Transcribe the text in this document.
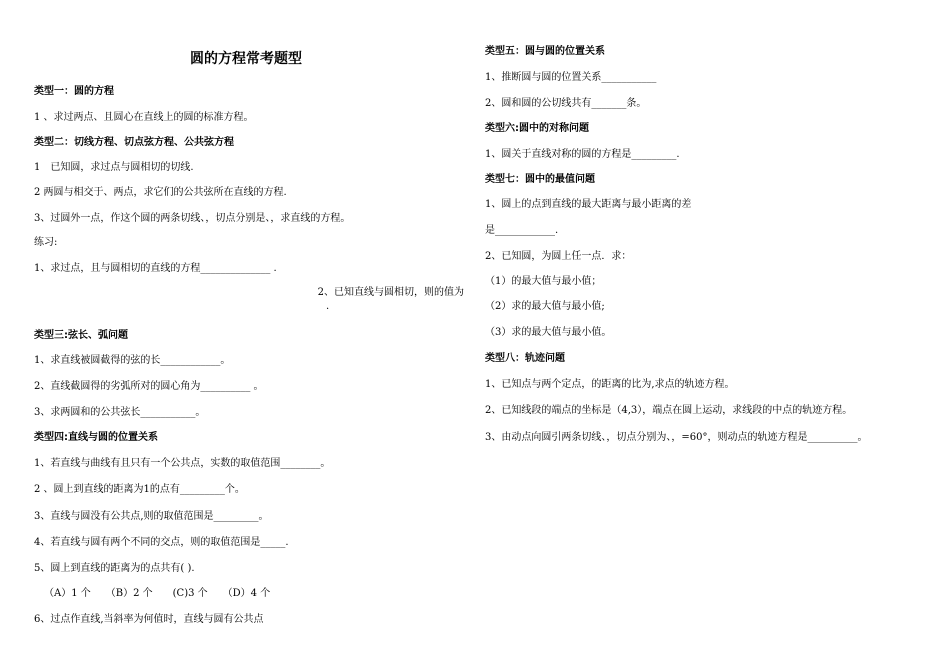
圆的方程常考题型
类型一：圆的方程
1 、求过两点、且圆心在直线上的圆的标准方程。
类型二：切线方程、切点弦方程、公共弦方程
1　已知圆，求过点与圆相切的切线.
2 两圆与相交于、两点，求它们的公共弦所在直线的方程.
3、过圆外一点，作这个圆的两条切线、，切点分别是、，求直线的方程。
练习:
1、求过点，且与圆相切的直线的方程______________ .
2、已知直线与圆相切，则的值为
.
类型三:弦长、弧问题
1、求直线被圆截得的弦的长____________。
2、直线截圆得的劣弧所对的圆心角为__________ 。
3、求两圆和的公共弦长___________。
类型四:直线与圆的位置关系
1、若直线与曲线有且只有一个公共点，实数的取值范围________。
2 、圆上到直线的距离为1的点有_________个。
3、直线与圆没有公共点,则的取值范围是_________。
4、若直线与圆有两个不同的交点，则的取值范围是_____.
5、圆上到直线的距离为的点共有( ).
（A）1 个　　（B）2 个　　(C)3 个　　（D）4 个
6、过点作直线,当斜率为何值时，直线与圆有公共点
类型五：圆与圆的位置关系
1、推断圆与圆的位置关系___________
2、圆和圆的公切线共有_______条。
类型六:圆中的对称问题
1、圆关于直线对称的圆的方程是_________.
类型七：圆中的最值问题
1、圆上的点到直线的最大距离与最小距离的差
是____________.
2、已知圆，为圆上任一点．求：
（1）的最大值与最小值；
（2）求的最大值与最小值;
（3）求的最大值与最小值。
类型八：轨迹问题
1、已知点与两个定点，的距离的比为,求点的轨迹方程。
2、已知线段的端点的坐标是（4,3），端点在圆上运动，求线段的中点的轨迹方程。
3、由动点向圆引两条切线、，切点分别为、，=60°，则动点的轨迹方程是__________。
